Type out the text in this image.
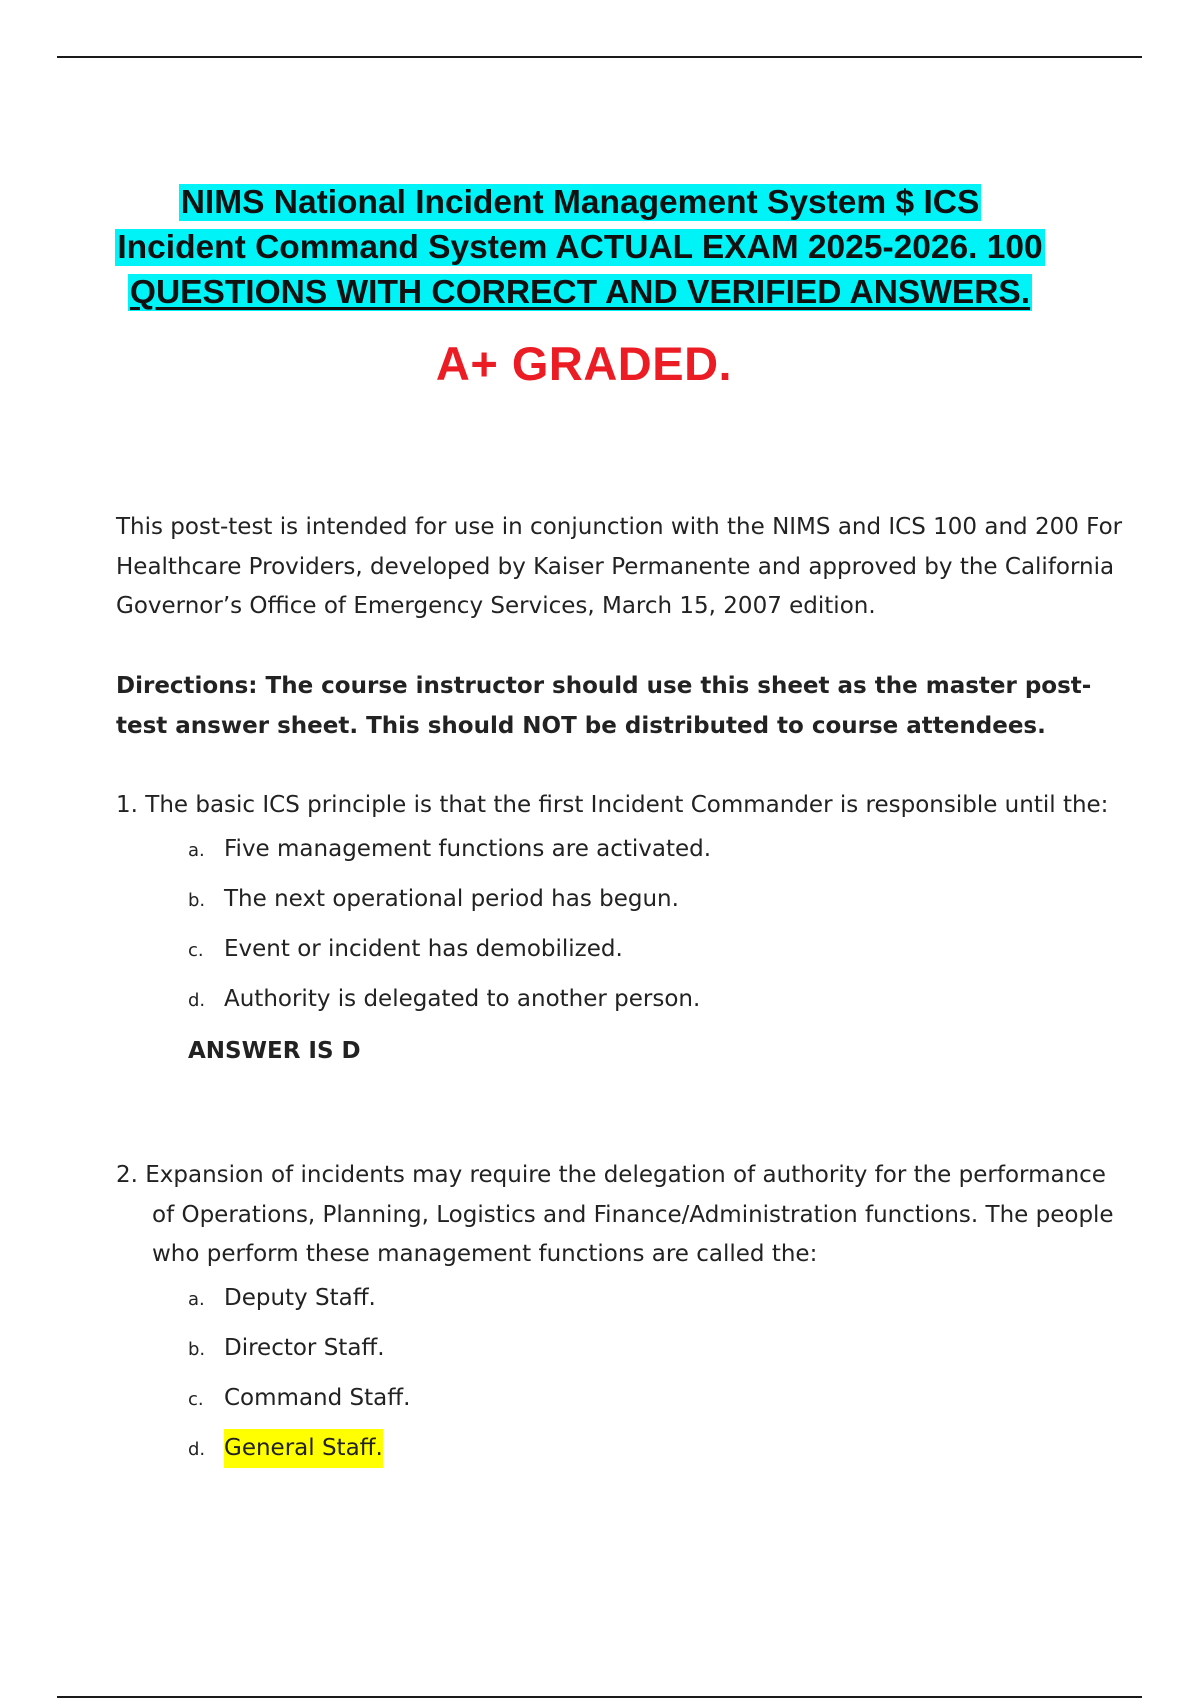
NIMS National Incident Management System $ ICS
Incident Command System ACTUAL EXAM 2025-2026. 100
QUESTIONS WITH CORRECT AND VERIFIED ANSWERS.
A+ GRADED.
This post-test is intended for use in conjunction with the NIMS and ICS 100 and 200 For Healthcare Providers, developed by Kaiser Permanente and approved by the California Governor’s Office of Emergency Services, March 15, 2007 edition.
Directions: The course instructor should use this sheet as the master post-test answer sheet. This should NOT be distributed to course attendees.
1. The basic ICS principle is that the first Incident Commander is responsible until the:
a. Five management functions are activated.
b. The next operational period has begun.
c. Event or incident has demobilized.
d. Authority is delegated to another person.
ANSWER IS D
2. Expansion of incidents may require the delegation of authority for the performance of Operations, Planning, Logistics and Finance/Administration functions. The people who perform these management functions are called the:
a. Deputy Staff.
b. Director Staff.
c. Command Staff.
d. General Staff.
